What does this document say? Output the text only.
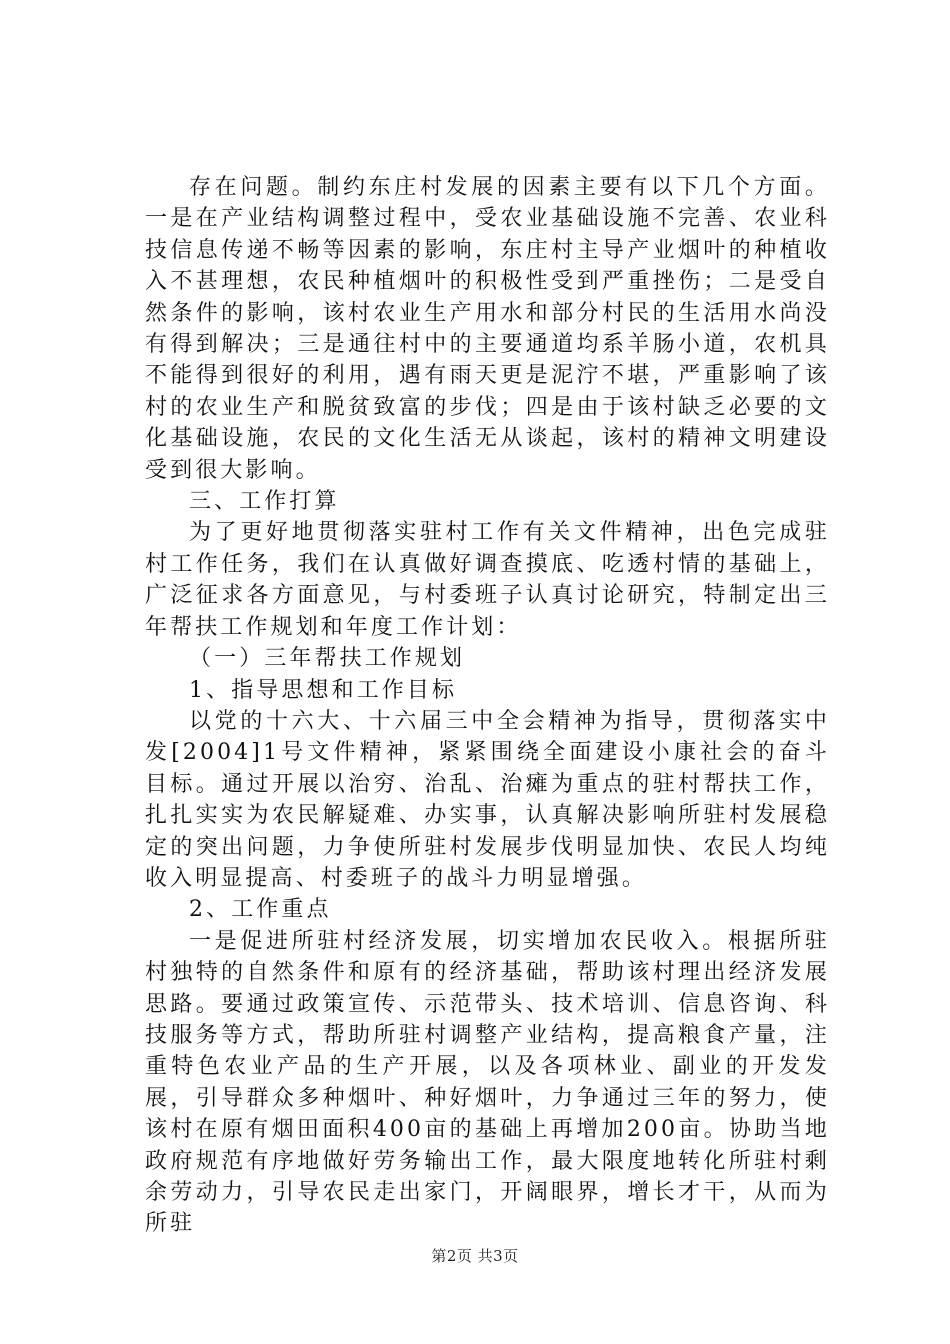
存在问题。制约东庄村发展的因素主要有以下几个方面。一是在产业结构调整过程中，受农业基础设施不完善、农业科技信息传递不畅等因素的影响，东庄村主导产业烟叶的种植收入不甚理想，农民种植烟叶的积极性受到严重挫伤；二是受自然条件的影响，该村农业生产用水和部分村民的生活用水尚没有得到解决；三是通往村中的主要通道均系羊肠小道，农机具不能得到很好的利用，遇有雨天更是泥泞不堪，严重影响了该村的农业生产和脱贫致富的步伐；四是由于该村缺乏必要的文化基础设施，农民的文化生活无从谈起，该村的精神文明建设受到很大影响。

三、工作打算

为了更好地贯彻落实驻村工作有关文件精神，出色完成驻村工作任务，我们在认真做好调查摸底、吃透村情的基础上，广泛征求各方面意见，与村委班子认真讨论研究，特制定出三年帮扶工作规划和年度工作计划：

（一）三年帮扶工作规划

1、指导思想和工作目标

以党的十六大、十六届三中全会精神为指导，贯彻落实中发[2004]1号文件精神，紧紧围绕全面建设小康社会的奋斗目标。通过开展以治穷、治乱、治瘫为重点的驻村帮扶工作，扎扎实实为农民解疑难、办实事，认真解决影响所驻村发展稳定的突出问题，力争使所驻村发展步伐明显加快、农民人均纯收入明显提高、村委班子的战斗力明显增强。

2、工作重点

一是促进所驻村经济发展，切实增加农民收入。根据所驻村独特的自然条件和原有的经济基础，帮助该村理出经济发展思路。要通过政策宣传、示范带头、技术培训、信息咨询、科技服务等方式，帮助所驻村调整产业结构，提高粮食产量，注重特色农业产品的生产开展，以及各项林业、副业的开发发展，引导群众多种烟叶、种好烟叶，力争通过三年的努力，使该村在原有烟田面积400亩的基础上再增加200亩。协助当地政府规范有序地做好劳务输出工作，最大限度地转化所驻村剩余劳动力，引导农民走出家门，开阔眼界，增长才干，从而为所驻

第2页 共3页
